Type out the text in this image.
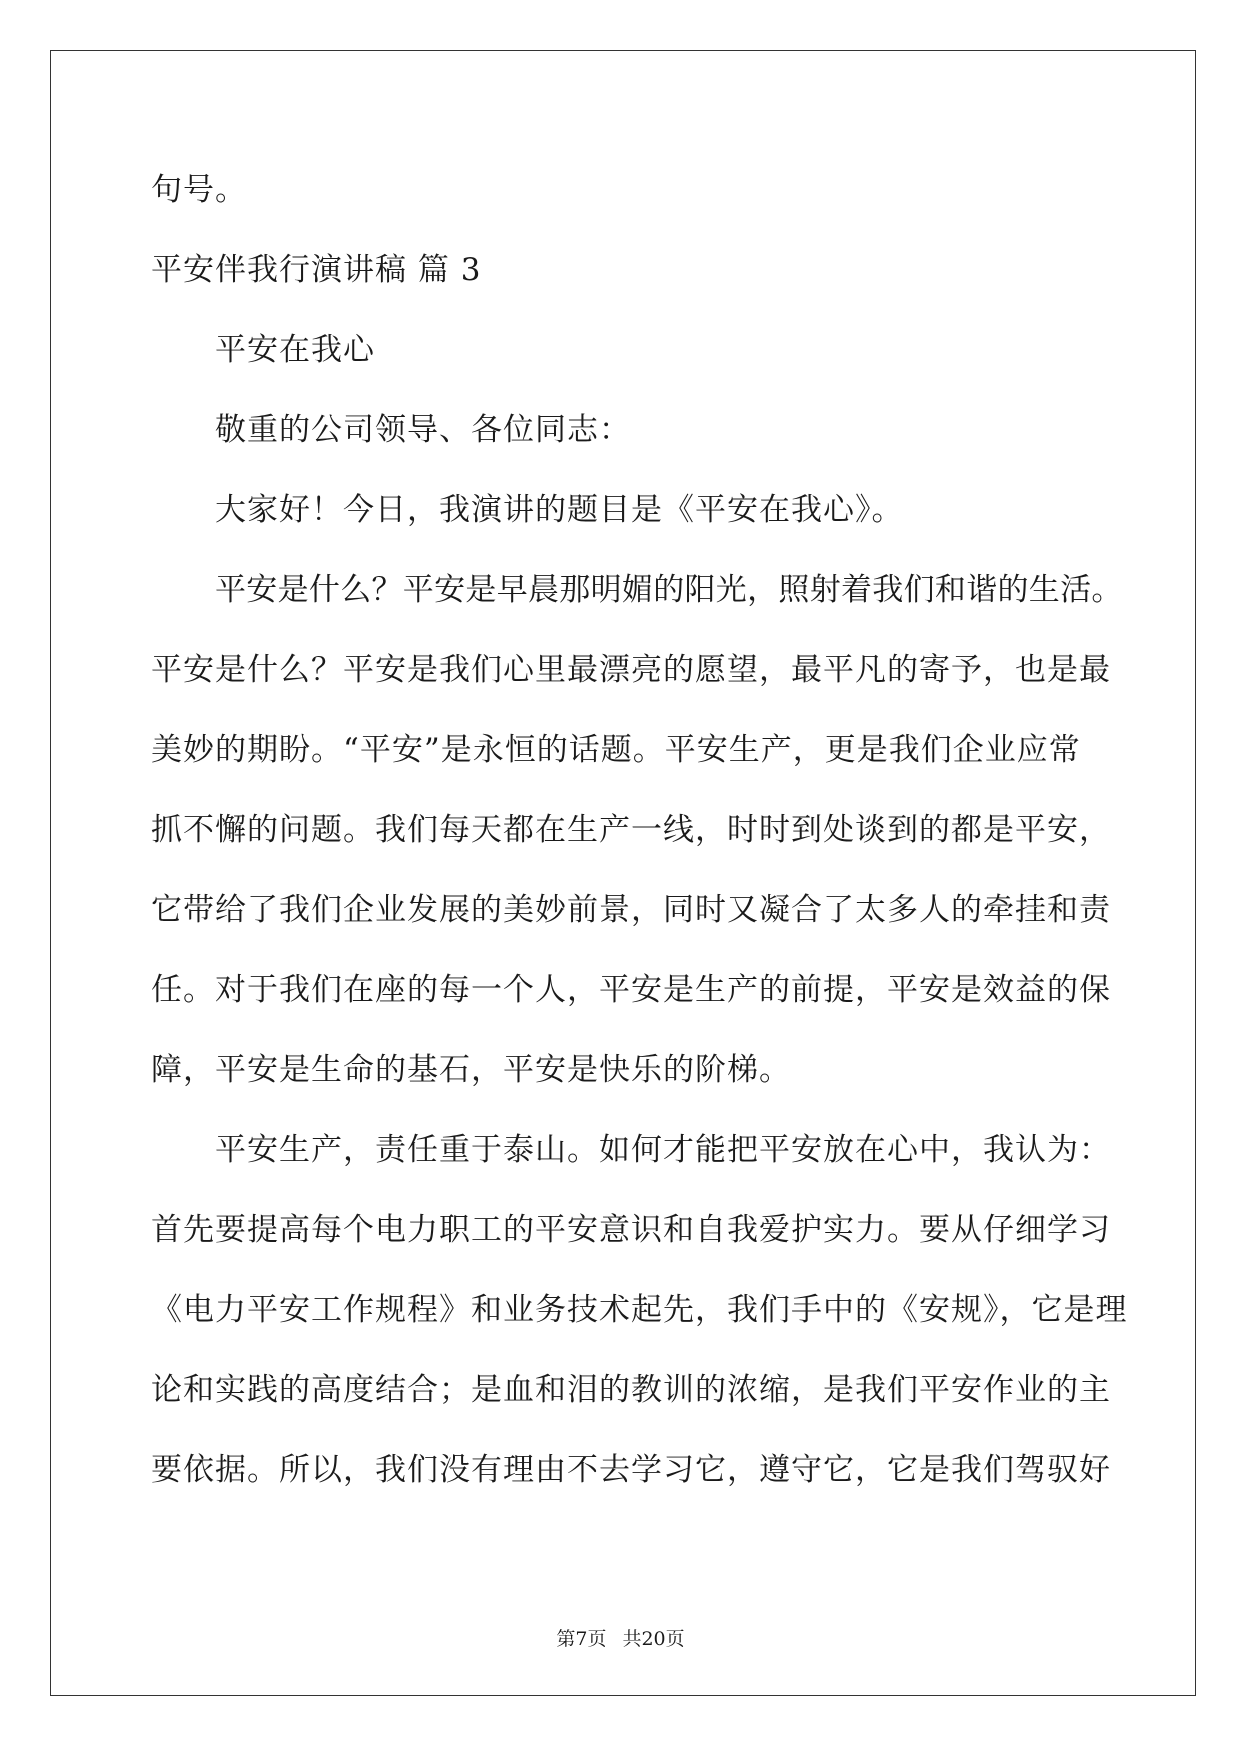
句号。
平安伴我行演讲稿 篇 3
平安在我心
敬重的公司领导、各位同志：
大家好！今日，我演讲的题目是《平安在我心》。
平安是什么？平安是早晨那明媚的阳光，照射着我们和谐的生活。
平安是什么？平安是我们心里最漂亮的愿望，最平凡的寄予，也是最
美妙的期盼。“平安”是永恒的话题。平安生产，更是我们企业应常
抓不懈的问题。我们每天都在生产一线，时时到处谈到的都是平安，
它带给了我们企业发展的美妙前景，同时又凝合了太多人的牵挂和责
任。对于我们在座的每一个人，平安是生产的前提，平安是效益的保
障，平安是生命的基石，平安是快乐的阶梯。
平安生产，责任重于泰山。如何才能把平安放在心中，我认为：
首先要提高每个电力职工的平安意识和自我爱护实力。要从仔细学习
《电力平安工作规程》和业务技术起先，我们手中的《安规》，它是理
论和实践的高度结合；是血和泪的教训的浓缩，是我们平安作业的主
要依据。所以，我们没有理由不去学习它，遵守它，它是我们驾驭好
第7页 共20页
